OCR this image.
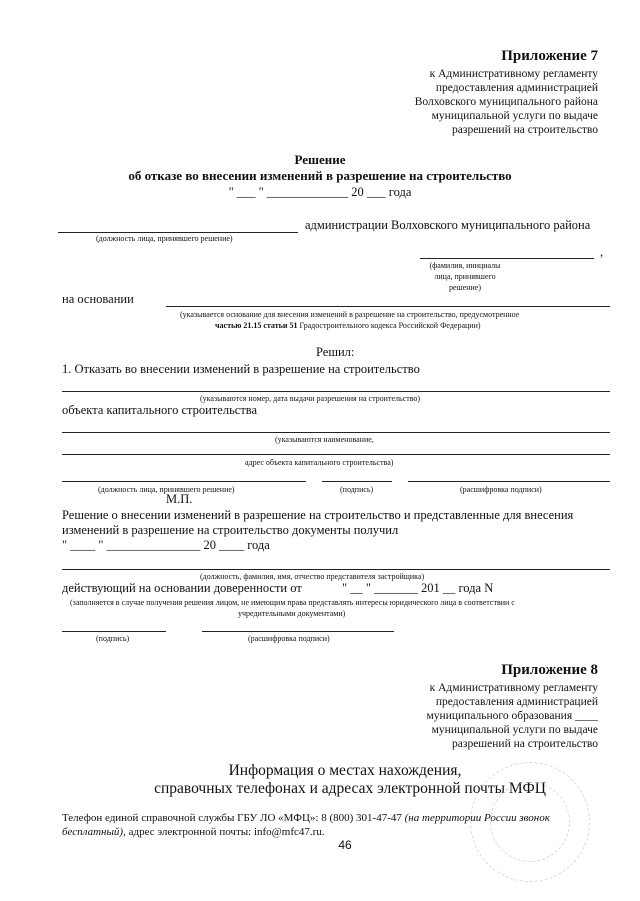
Приложение 7
к Административному регламенту
предоставления администрацией
Волховского муниципального района
муниципальной услуги по выдаче
разрешений на строительство
Решение
об отказе во внесении изменений в разрешение на строительство
" ___ " _____________ 20 ___ года
администрации Волховского муниципального района
(должность лица, принявшего решение)
,
(фамилия, инициалы
лица, принявшего
решение)
на основании
(указывается основание для внесения изменений в разрешение на строительство, предусмотренное
частью 21.15 статьи 51 Градостроительного кодекса Российской Федерации)
Решил:
1. Отказать во внесении изменений в разрешение на строительство
(указываются номер, дата выдачи разрешения на строительство)
объекта капитального строительства
(указываются наименование,
адрес объекта капитального строительства)
(должность лица, принявшего решение)	(подпись)	(расшифровка подписи)
М.П.
Решение о внесении изменений в разрешение на строительство и представленные для внесения
изменений в разрешение на строительство документы получил
" ____ " _______________ 20 ____ года
(должность, фамилия, имя, отчество представителя застройщика)
действующий на основании доверенности от	" __ " _______ 201 __ года N
(заполняется в случае получения решения лицом, не имеющим права представлять интересы юридического лица в соответствии с
учредительными документами)
(подпись)	(расшифровка подписи)
Приложение 8
к Административному регламенту
предоставления администрацией
муниципального образования ____
муниципальной услуги по выдаче
разрешений на строительство
Информация о местах нахождения,
справочных телефонах и адресах электронной почты МФЦ
Телефон единой справочной службы ГБУ ЛО «МФЦ»: 8 (800) 301-47-47 (на территории России звонок
бесплатный), адрес электронной почты: info@mfc47.ru.
46
